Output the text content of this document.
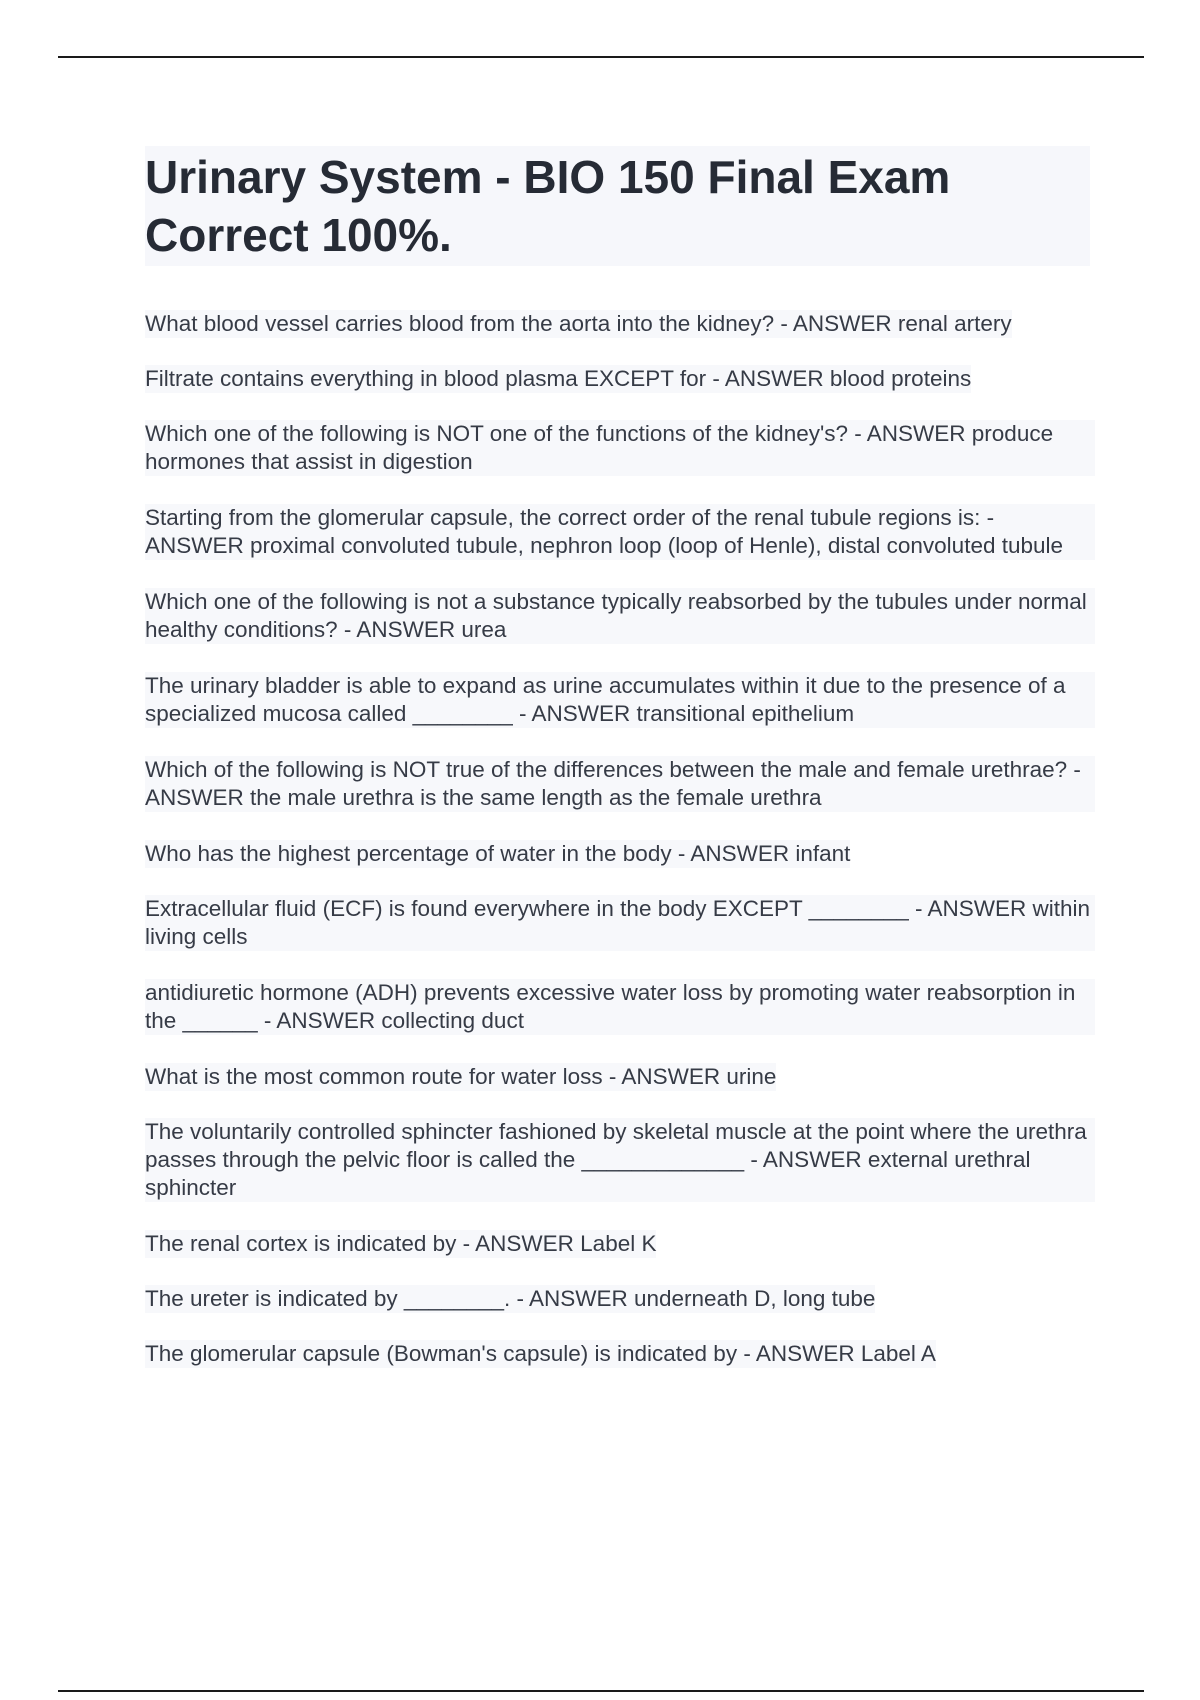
Urinary System - BIO 150 Final Exam Correct 100%.
What blood vessel carries blood from the aorta into the kidney? - ANSWER renal artery
Filtrate contains everything in blood plasma EXCEPT for - ANSWER blood proteins
Which one of the following is NOT one of the functions of the kidney's? - ANSWER produce hormones that assist in digestion
Starting from the glomerular capsule, the correct order of the renal tubule regions is: - ANSWER proximal convoluted tubule, nephron loop (loop of Henle), distal convoluted tubule
Which one of the following is not a substance typically reabsorbed by the tubules under normal healthy conditions? - ANSWER urea
The urinary bladder is able to expand as urine accumulates within it due to the presence of a specialized mucosa called ________ - ANSWER transitional epithelium
Which of the following is NOT true of the differences between the male and female urethrae? - ANSWER the male urethra is the same length as the female urethra
Who has the highest percentage of water in the body - ANSWER infant
Extracellular fluid (ECF) is found everywhere in the body EXCEPT ________ - ANSWER within living cells
antidiuretic hormone (ADH) prevents excessive water loss by promoting water reabsorption in the ______ - ANSWER collecting duct
What is the most common route for water loss - ANSWER urine
The voluntarily controlled sphincter fashioned by skeletal muscle at the point where the urethra passes through the pelvic floor is called the _____________ - ANSWER external urethral sphincter
The renal cortex is indicated by - ANSWER Label K
The ureter is indicated by ________. - ANSWER underneath D, long tube
The glomerular capsule (Bowman's capsule) is indicated by - ANSWER Label A
